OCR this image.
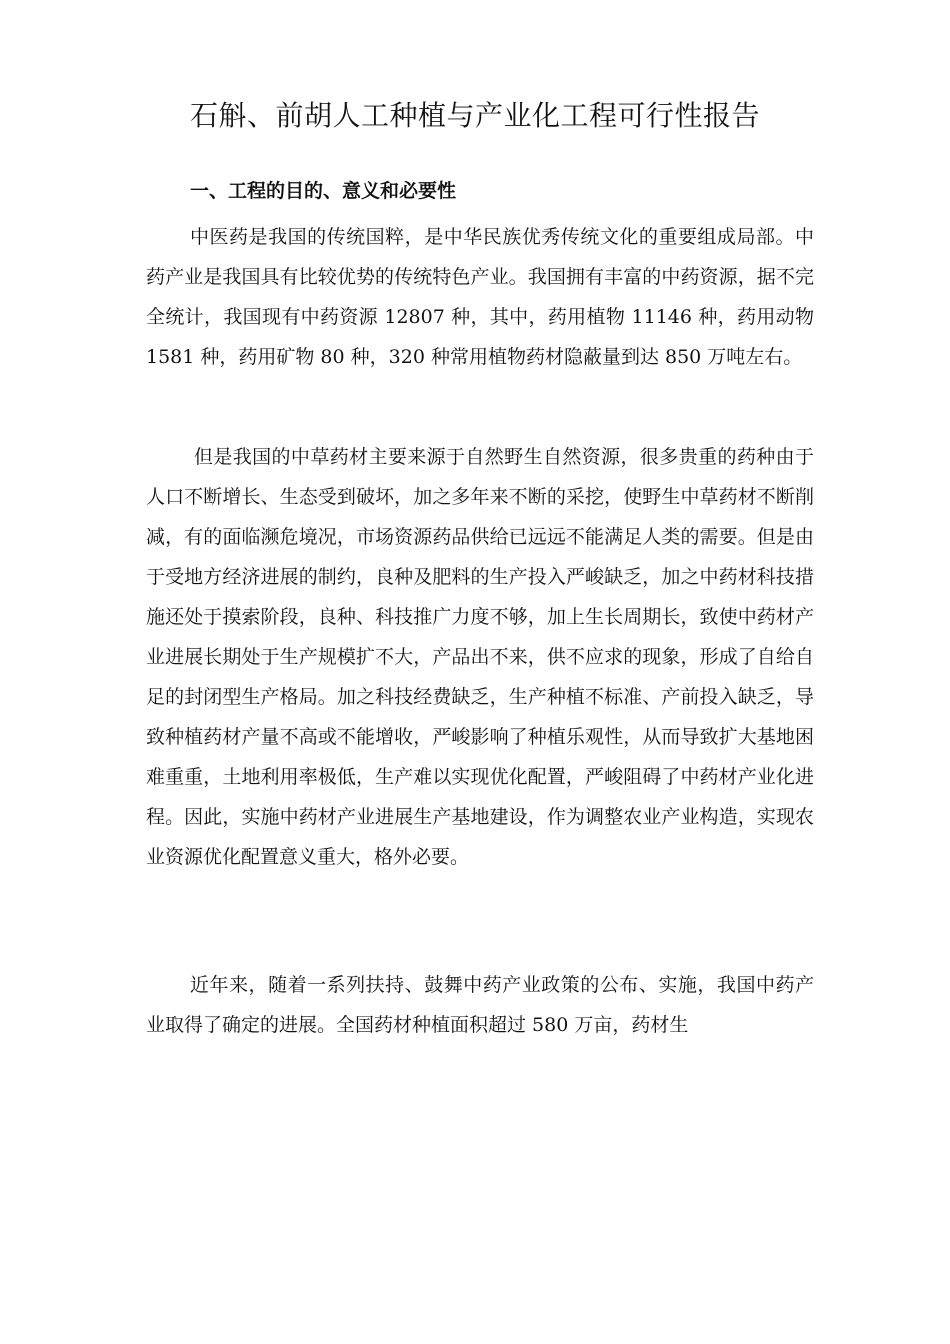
石斛、前胡人工种植与产业化工程可行性报告
一、工程的目的、意义和必要性

中医药是我国的传统国粹，是中华民族优秀传统文化的重要组成局部。中药产业是我国具有比较优势的传统特色产业。我国拥有丰富的中药资源，据不完全统计，我国现有中药资源 12807 种，其中，药用植物 11146 种，药用动物 1581 种，药用矿物 80 种，320 种常用植物药材隐蔽量到达 850 万吨左右。

但是我国的中草药材主要来源于自然野生自然资源，很多贵重的药种由于人口不断增长、生态受到破坏，加之多年来不断的采挖，使野生中草药材不断削减，有的面临濒危境况，市场资源药品供给已远远不能满足人类的需要。但是由于受地方经济进展的制约，良种及肥料的生产投入严峻缺乏，加之中药材科技措施还处于摸索阶段，良种、科技推广力度不够，加上生长周期长，致使中药材产业进展长期处于生产规模扩不大，产品出不来，供不应求的现象，形成了自给自足的封闭型生产格局。加之科技经费缺乏，生产种植不标准、产前投入缺乏，导致种植药材产量不高或不能增收，严峻影响了种植乐观性，从而导致扩大基地困难重重，土地利用率极低，生产难以实现优化配置，严峻阻碍了中药材产业化进程。因此，实施中药材产业进展生产基地建设，作为调整农业产业构造，实现农业资源优化配置意义重大，格外必要。

近年来，随着一系列扶持、鼓舞中药产业政策的公布、实施，我国中药产业取得了确定的进展。全国药材种植面积超过 580 万亩，药材生
